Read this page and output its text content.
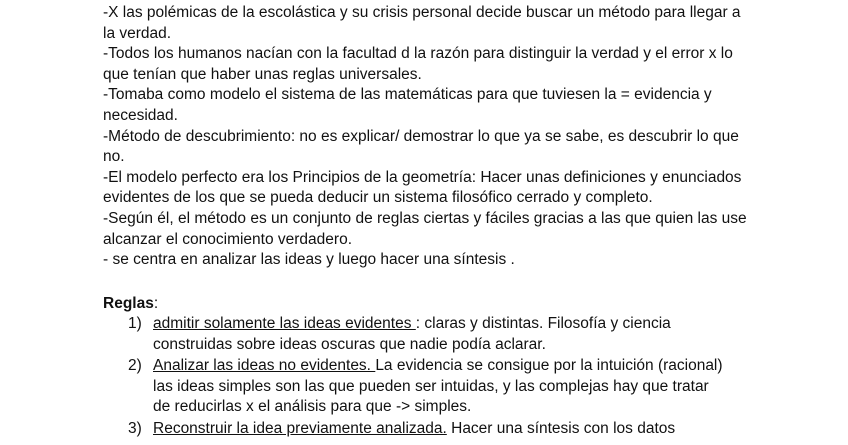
-X las polémicas de la escolástica y su crisis personal decide buscar un método para llegar a la verdad.

-Todos los humanos nacían con la facultad d la razón para distinguir la verdad y el error x lo que tenían que haber unas reglas universales.

-Tomaba como modelo el sistema de las matemáticas para que tuviesen la = evidencia y necesidad.

-Método de descubrimiento: no es explicar/ demostrar lo que ya se sabe, es descubrir lo que no.

-El modelo perfecto era los Principios de la geometría: Hacer unas definiciones y enunciados evidentes de los que se pueda deducir un sistema filosófico cerrado y completo.

-Según él, el método es un conjunto de reglas ciertas y fáciles gracias a las que quien las use alcanzar el conocimiento verdadero.

- se centra en analizar las ideas y luego hacer una síntesis .

Reglas:

1) admitir solamente las ideas evidentes : claras y distintas. Filosofía y ciencia construidas sobre ideas oscuras que nadie podía aclarar.
2) Analizar las ideas no evidentes. La evidencia se consigue por la intuición (racional) las ideas simples son las que pueden ser intuidas, y las complejas hay que tratar de reducirlas x el análisis para que -> simples.
3) Reconstruir la idea previamente analizada. Hacer una síntesis con los datos
